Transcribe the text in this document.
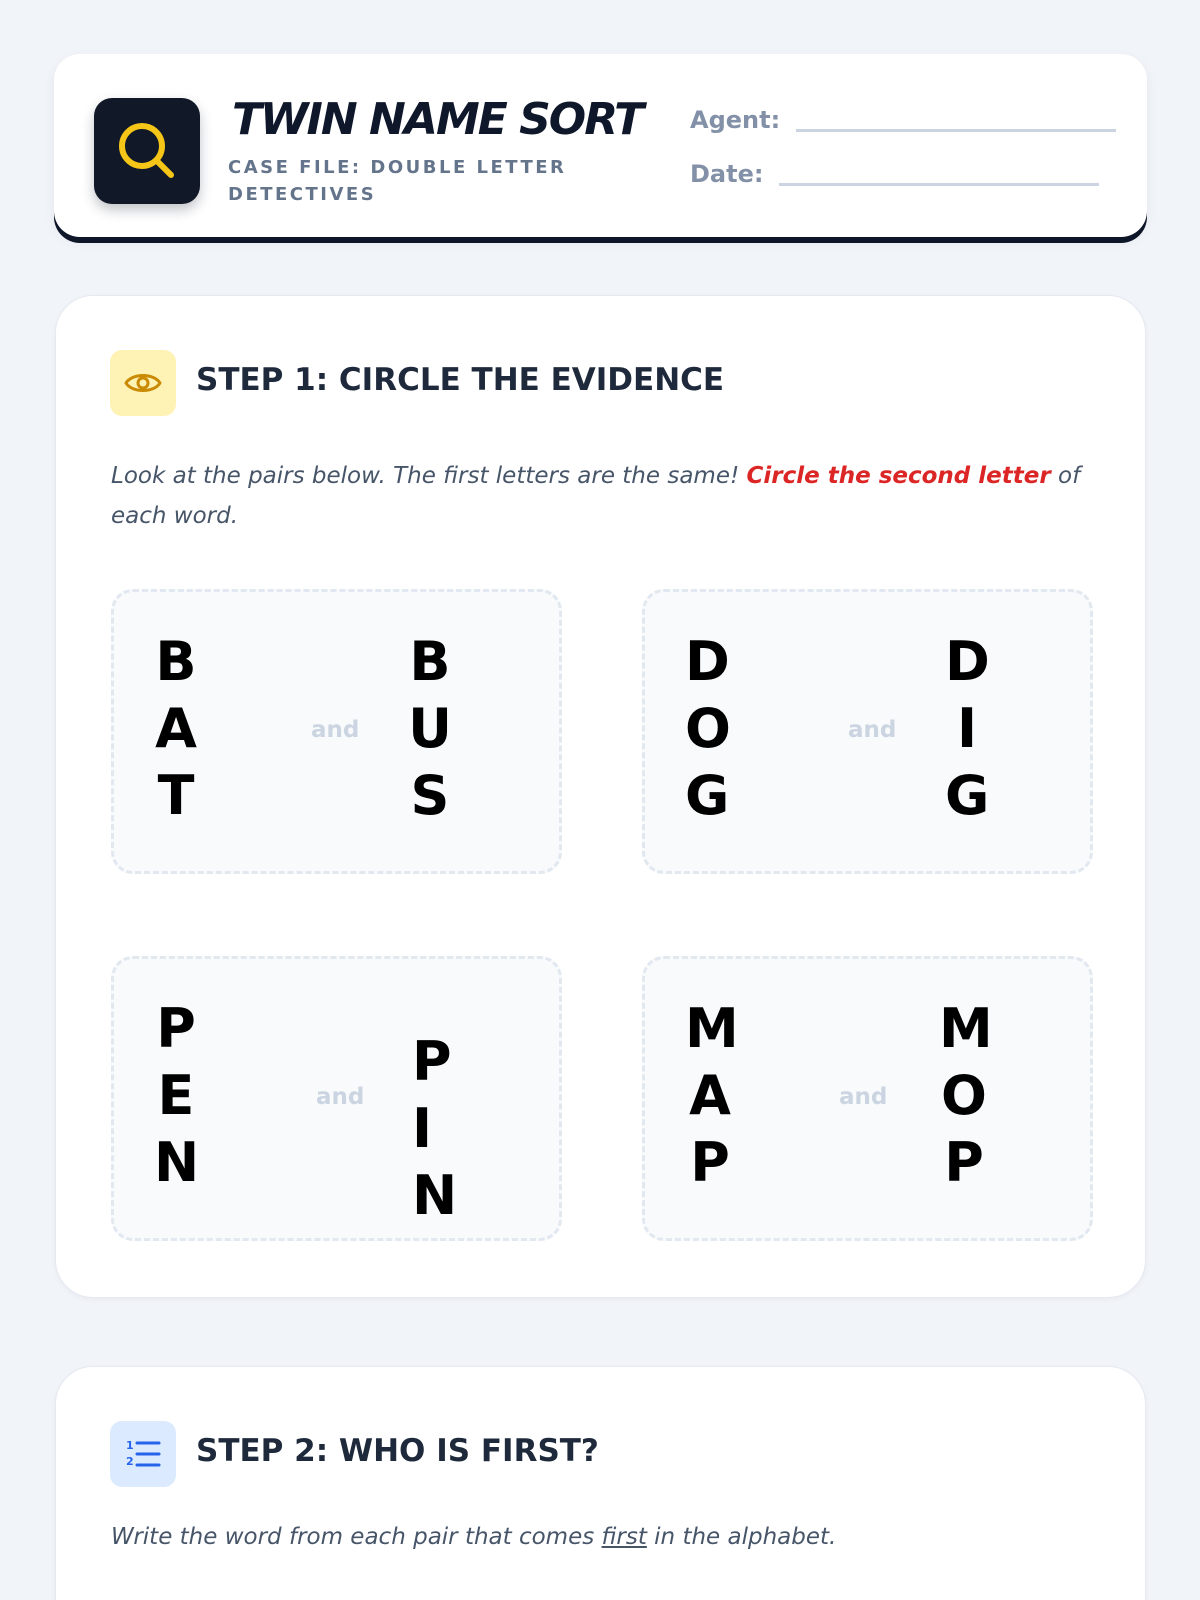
TWIN NAME SORT
CASE FILE: DOUBLE LETTER DETECTIVES
Agent:
Date:
STEP 1: CIRCLE THE EVIDENCE
Look at the pairs below. The first letters are the same! Circle the second letter of each word.
B
A
T
and
B
U
S
D
O
G
and
D
I
G
P
E
N
and
PIN
M
A
P
and
M
O
P
1
2 STEP 2: WHO IS FIRST?
Write the word from each pair that comes first in the alphabet.
